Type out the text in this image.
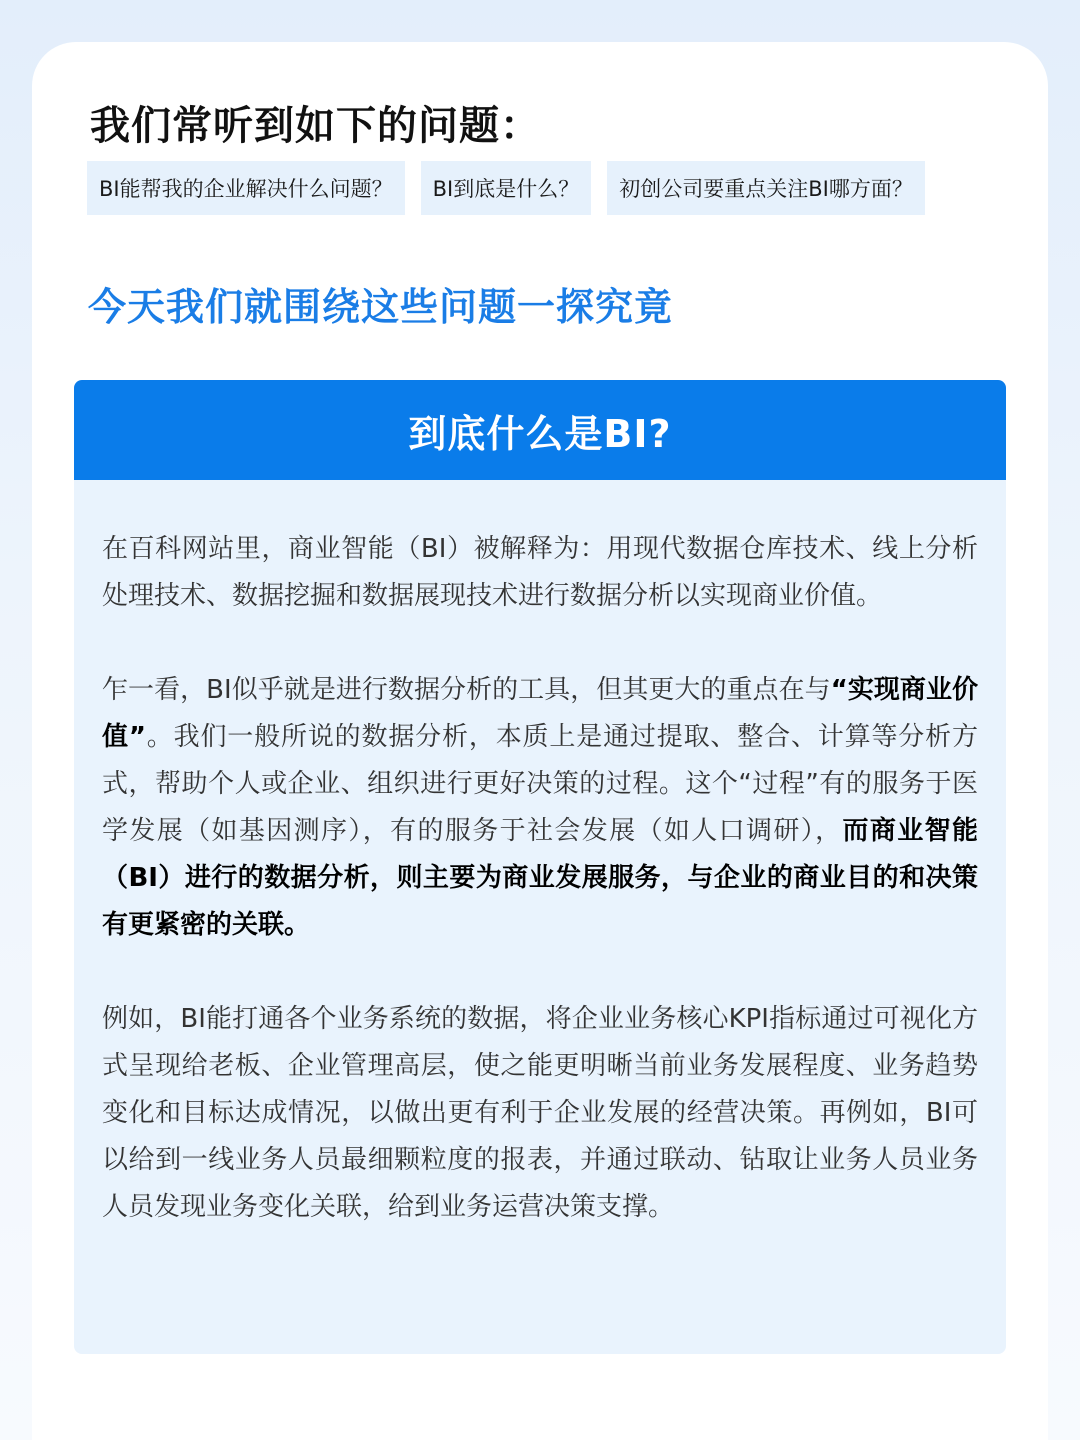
我们常听到如下的问题：
BI能帮我的企业解决什么问题？	BI到底是什么？	初创公司要重点关注BI哪方面？
今天我们就围绕这些问题一探究竟
到底什么是BI?

在百科网站里，商业智能（BI）被解释为：用现代数据仓库技术、线上分析处理技术、数据挖掘和数据展现技术进行数据分析以实现商业价值。

乍一看，BI似乎就是进行数据分析的工具，但其更大的重点在与“实现商业价值”。我们一般所说的数据分析，本质上是通过提取、整合、计算等分析方式，帮助个人或企业、组织进行更好决策的过程。这个“过程”有的服务于医学发展（如基因测序），有的服务于社会发展（如人口调研），而商业智能（BI）进行的数据分析，则主要为商业发展服务，与企业的商业目的和决策有更紧密的关联。

例如，BI能打通各个业务系统的数据，将企业业务核心KPI指标通过可视化方式呈现给老板、企业管理高层，使之能更明晰当前业务发展程度、业务趋势变化和目标达成情况，以做出更有利于企业发展的经营决策。再例如，BI可以给到一线业务人员最细颗粒度的报表，并通过联动、钻取让业务人员业务人员发现业务变化关联，给到业务运营决策支撑。
